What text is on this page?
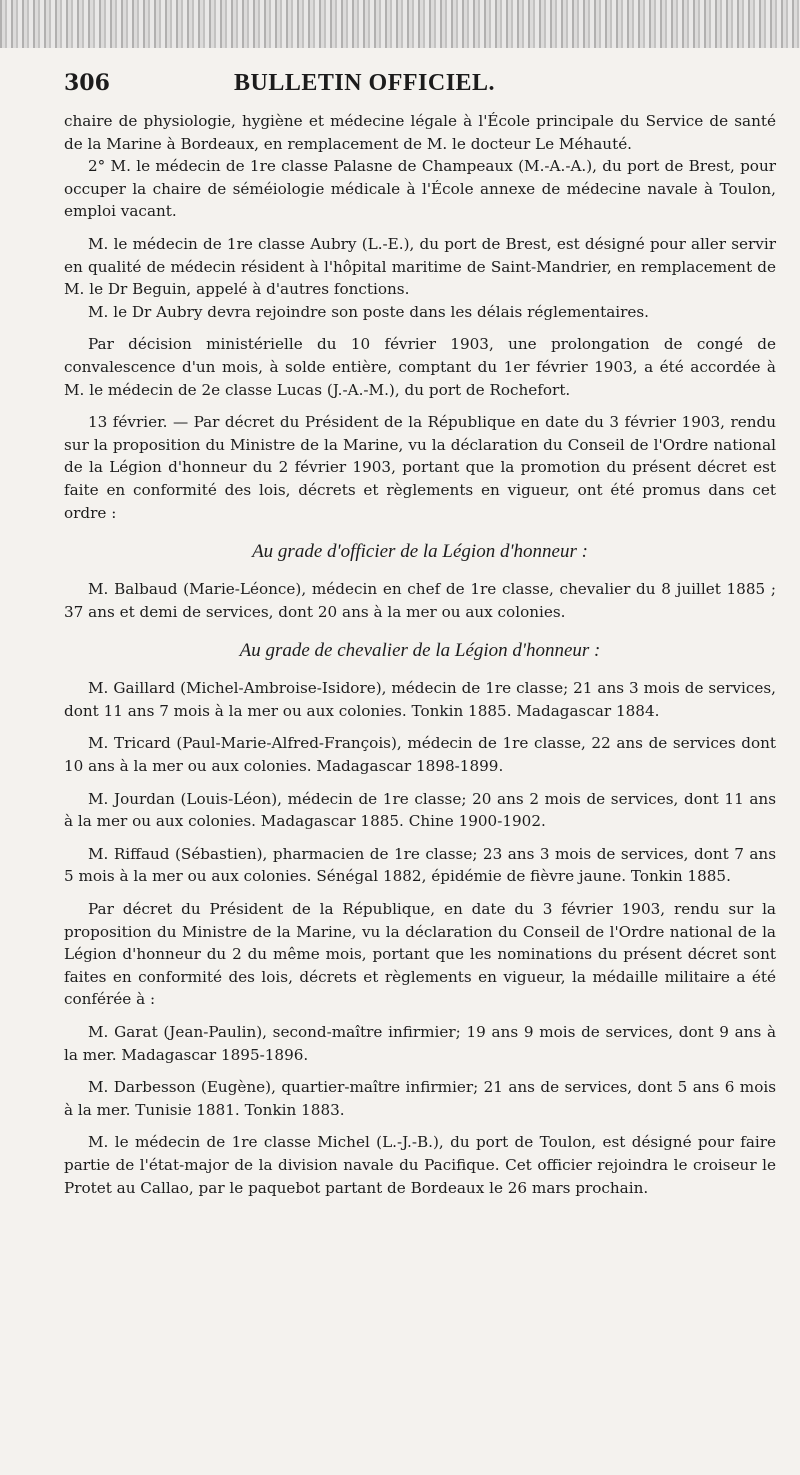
306	BULLETIN OFFICIEL.

chaire de physiologie, hygiène et médecine légale à l'École principale du Service de santé de la Marine à Bordeaux, en remplacement de M. le docteur Le Méhauté.

2° M. le médecin de 1re classe Palasne de Champeaux (M.-A.-A.), du port de Brest, pour occuper la chaire de séméiologie médicale à l'École annexe de médecine navale à Toulon, emploi vacant.

M. le médecin de 1re classe Aubry (L.-E.), du port de Brest, est désigné pour aller servir en qualité de médecin résident à l'hôpital maritime de Saint-Mandrier, en remplacement de M. le Dr Beguin, appelé à d'autres fonctions.

M. le Dr Aubry devra rejoindre son poste dans les délais réglementaires.

Par décision ministérielle du 10 février 1903, une prolongation de congé de convalescence d'un mois, à solde entière, comptant du 1er février 1903, a été accordée à M. le médecin de 2e classe Lucas (J.-A.-M.), du port de Rochefort.

13 février. — Par décret du Président de la République en date du 3 février 1903, rendu sur la proposition du Ministre de la Marine, vu la déclaration du Conseil de l'Ordre national de la Légion d'honneur du 2 février 1903, portant que la promotion du présent décret est faite en conformité des lois, décrets et règlements en vigueur, ont été promus dans cet ordre :

Au grade d'officier de la Légion d'honneur :

M. Balbaud (Marie-Léonce), médecin en chef de 1re classe, chevalier du 8 juillet 1885 ; 37 ans et demi de services, dont 20 ans à la mer ou aux colonies.

Au grade de chevalier de la Légion d'honneur :

M. Gaillard (Michel-Ambroise-Isidore), médecin de 1re classe; 21 ans 3 mois de services, dont 11 ans 7 mois à la mer ou aux colonies. Tonkin 1885. Madagascar 1884.

M. Tricard (Paul-Marie-Alfred-François), médecin de 1re classe, 22 ans de services dont 10 ans à la mer ou aux colonies. Madagascar 1898-1899.

M. Jourdan (Louis-Léon), médecin de 1re classe; 20 ans 2 mois de services, dont 11 ans à la mer ou aux colonies. Madagascar 1885. Chine 1900-1902.

M. Riffaud (Sébastien), pharmacien de 1re classe; 23 ans 3 mois de services, dont 7 ans 5 mois à la mer ou aux colonies. Sénégal 1882, épidémie de fièvre jaune. Tonkin 1885.

Par décret du Président de la République, en date du 3 février 1903, rendu sur la proposition du Ministre de la Marine, vu la déclaration du Conseil de l'Ordre national de la Légion d'honneur du 2 du même mois, portant que les nominations du présent décret sont faites en conformité des lois, décrets et règlements en vigueur, la médaille militaire a été conférée à :

M. Garat (Jean-Paulin), second-maître infirmier; 19 ans 9 mois de services, dont 9 ans à la mer. Madagascar 1895-1896.

M. Darbesson (Eugène), quartier-maître infirmier; 21 ans de services, dont 5 ans 6 mois à la mer. Tunisie 1881. Tonkin 1883.

M. le médecin de 1re classe Michel (L.-J.-B.), du port de Toulon, est désigné pour faire partie de l'état-major de la division navale du Pacifique. Cet officier rejoindra le croiseur le Protet au Callao, par le paquebot partant de Bordeaux le 26 mars prochain.
